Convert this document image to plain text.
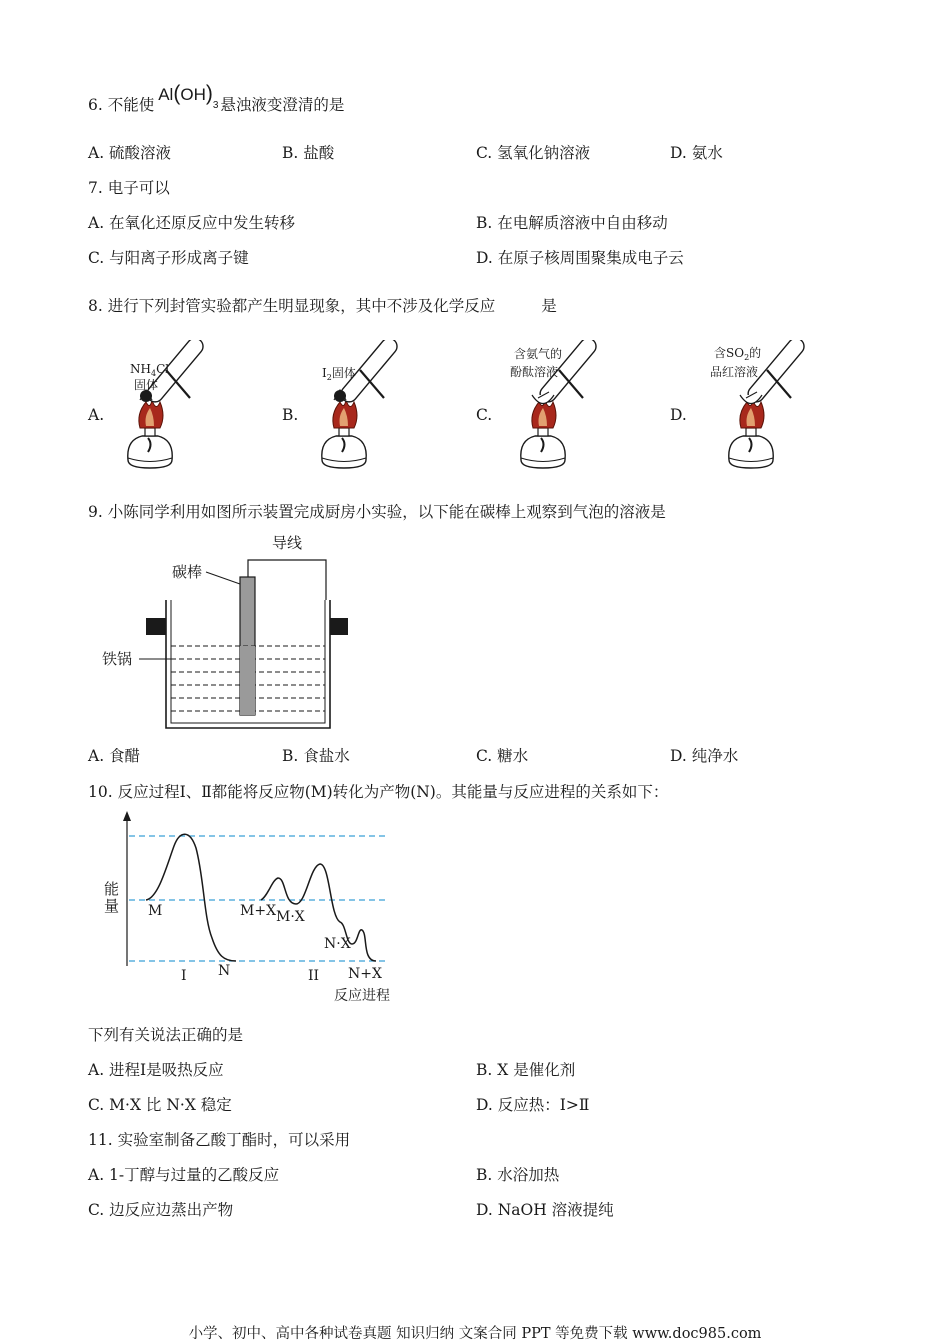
6. 不能使$Al(OH)_3$ 悬浊液变澄清的是
A. 硫酸溶液	B. 盐酸	C. 氢氧化钠溶液	D. 氨水
7. 电子可以
A. 在氧化还原反应中发生转移	B. 在电解质溶液中自由移动
C. 与阳离子形成离子键	D. 在原子核周围聚集成电子云
8. 进行下列封管实验都产生明显现象，其中不涉及化学反应	是
A.	B.	C.	D.
$NH_4Cl$
固体
$I_2$固体
含氨气的
酚酞溶液
含$SO_2$的
品红溶液
9. 小陈同学利用如图所示装置完成厨房小实验，以下能在碳棒上观察到气泡的溶液是
导线
碳棒
铁锅
A. 食醋	B. 食盐水	C. 糖水	D. 纯净水
10. 反应过程Ⅰ、Ⅱ都能将反应物(M)转化为产物(N)。其能量与反应进程的关系如下：
能
量 M
N
I
M+X M·X
N·X
II N+X
反应进程
下列有关说法正确的是
A. 进程Ⅰ是吸热反应	B. X 是催化剂
C. M·X 比 N·X 稳定	D. 反应热：Ⅰ>Ⅱ
11. 实验室制备乙酸丁酯时，可以采用
A. 1-丁醇与过量的乙酸反应	B. 水浴加热
C. 边反应边蒸出产物	D. NaOH 溶液提纯
小学、初中、高中各种试卷真题 知识归纳 文案合同 PPT 等免费下载 www.doc985.com
